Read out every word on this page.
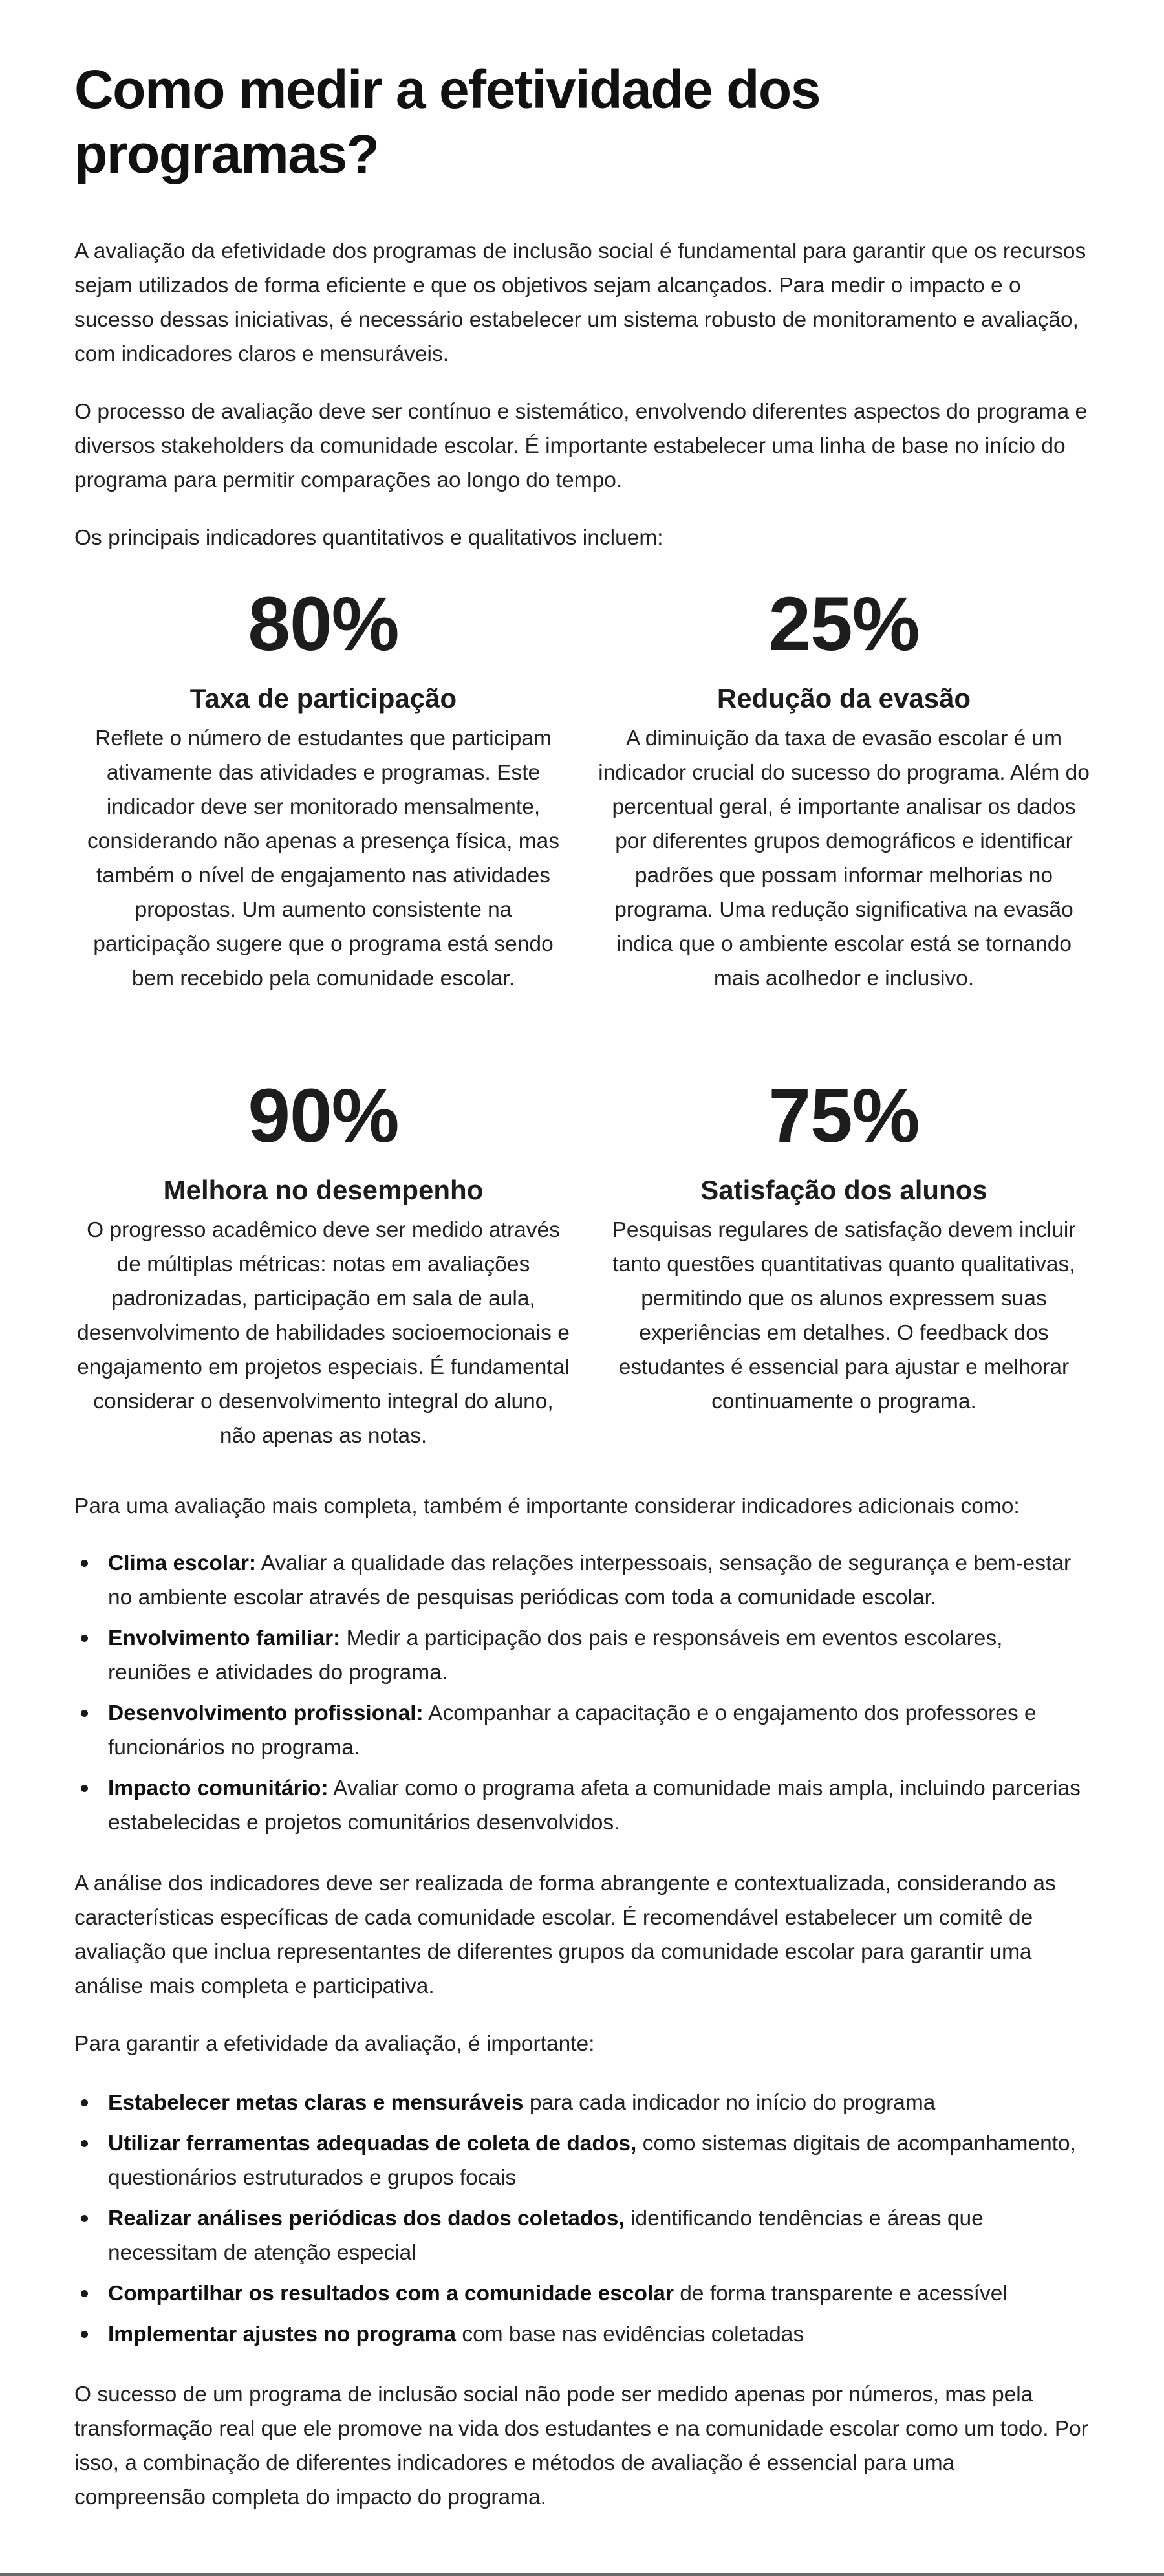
Como medir a efetividade dos programas?

A avaliação da efetividade dos programas de inclusão social é fundamental para garantir que os recursos sejam utilizados de forma eficiente e que os objetivos sejam alcançados. Para medir o impacto e o sucesso dessas iniciativas, é necessário estabelecer um sistema robusto de monitoramento e avaliação, com indicadores claros e mensuráveis.

O processo de avaliação deve ser contínuo e sistemático, envolvendo diferentes aspectos do programa e diversos stakeholders da comunidade escolar. É importante estabelecer uma linha de base no início do programa para permitir comparações ao longo do tempo.

Os principais indicadores quantitativos e qualitativos incluem:

80%
Taxa de participação

Reflete o número de estudantes que participam ativamente das atividades e programas. Este indicador deve ser monitorado mensalmente, considerando não apenas a presença física, mas também o nível de engajamento nas atividades propostas. Um aumento consistente na participação sugere que o programa está sendo bem recebido pela comunidade escolar.

25%
Redução da evasão

A diminuição da taxa de evasão escolar é um indicador crucial do sucesso do programa. Além do percentual geral, é importante analisar os dados por diferentes grupos demográficos e identificar padrões que possam informar melhorias no programa. Uma redução significativa na evasão indica que o ambiente escolar está se tornando mais acolhedor e inclusivo.

90%
Melhora no desempenho

O progresso acadêmico deve ser medido através de múltiplas métricas: notas em avaliações padronizadas, participação em sala de aula, desenvolvimento de habilidades socioemocionais e engajamento em projetos especiais. É fundamental considerar o desenvolvimento integral do aluno, não apenas as notas.

75%
Satisfação dos alunos

Pesquisas regulares de satisfação devem incluir tanto questões quantitativas quanto qualitativas, permitindo que os alunos expressem suas experiências em detalhes. O feedback dos estudantes é essencial para ajustar e melhorar continuamente o programa.

Para uma avaliação mais completa, também é importante considerar indicadores adicionais como:

Clima escolar: Avaliar a qualidade das relações interpessoais, sensação de segurança e bem-estar no ambiente escolar através de pesquisas periódicas com toda a comunidade escolar.
Envolvimento familiar: Medir a participação dos pais e responsáveis em eventos escolares, reuniões e atividades do programa.
Desenvolvimento profissional: Acompanhar a capacitação e o engajamento dos professores e funcionários no programa.
Impacto comunitário: Avaliar como o programa afeta a comunidade mais ampla, incluindo parcerias estabelecidas e projetos comunitários desenvolvidos.

A análise dos indicadores deve ser realizada de forma abrangente e contextualizada, considerando as características específicas de cada comunidade escolar. É recomendável estabelecer um comitê de avaliação que inclua representantes de diferentes grupos da comunidade escolar para garantir uma análise mais completa e participativa.

Para garantir a efetividade da avaliação, é importante:

Estabelecer metas claras e mensuráveis para cada indicador no início do programa
Utilizar ferramentas adequadas de coleta de dados, como sistemas digitais de acompanhamento, questionários estruturados e grupos focais
Realizar análises periódicas dos dados coletados, identificando tendências e áreas que necessitam de atenção especial
Compartilhar os resultados com a comunidade escolar de forma transparente e acessível
Implementar ajustes no programa com base nas evidências coletadas

O sucesso de um programa de inclusão social não pode ser medido apenas por números, mas pela transformação real que ele promove na vida dos estudantes e na comunidade escolar como um todo. Por isso, a combinação de diferentes indicadores e métodos de avaliação é essencial para uma compreensão completa do impacto do programa.
